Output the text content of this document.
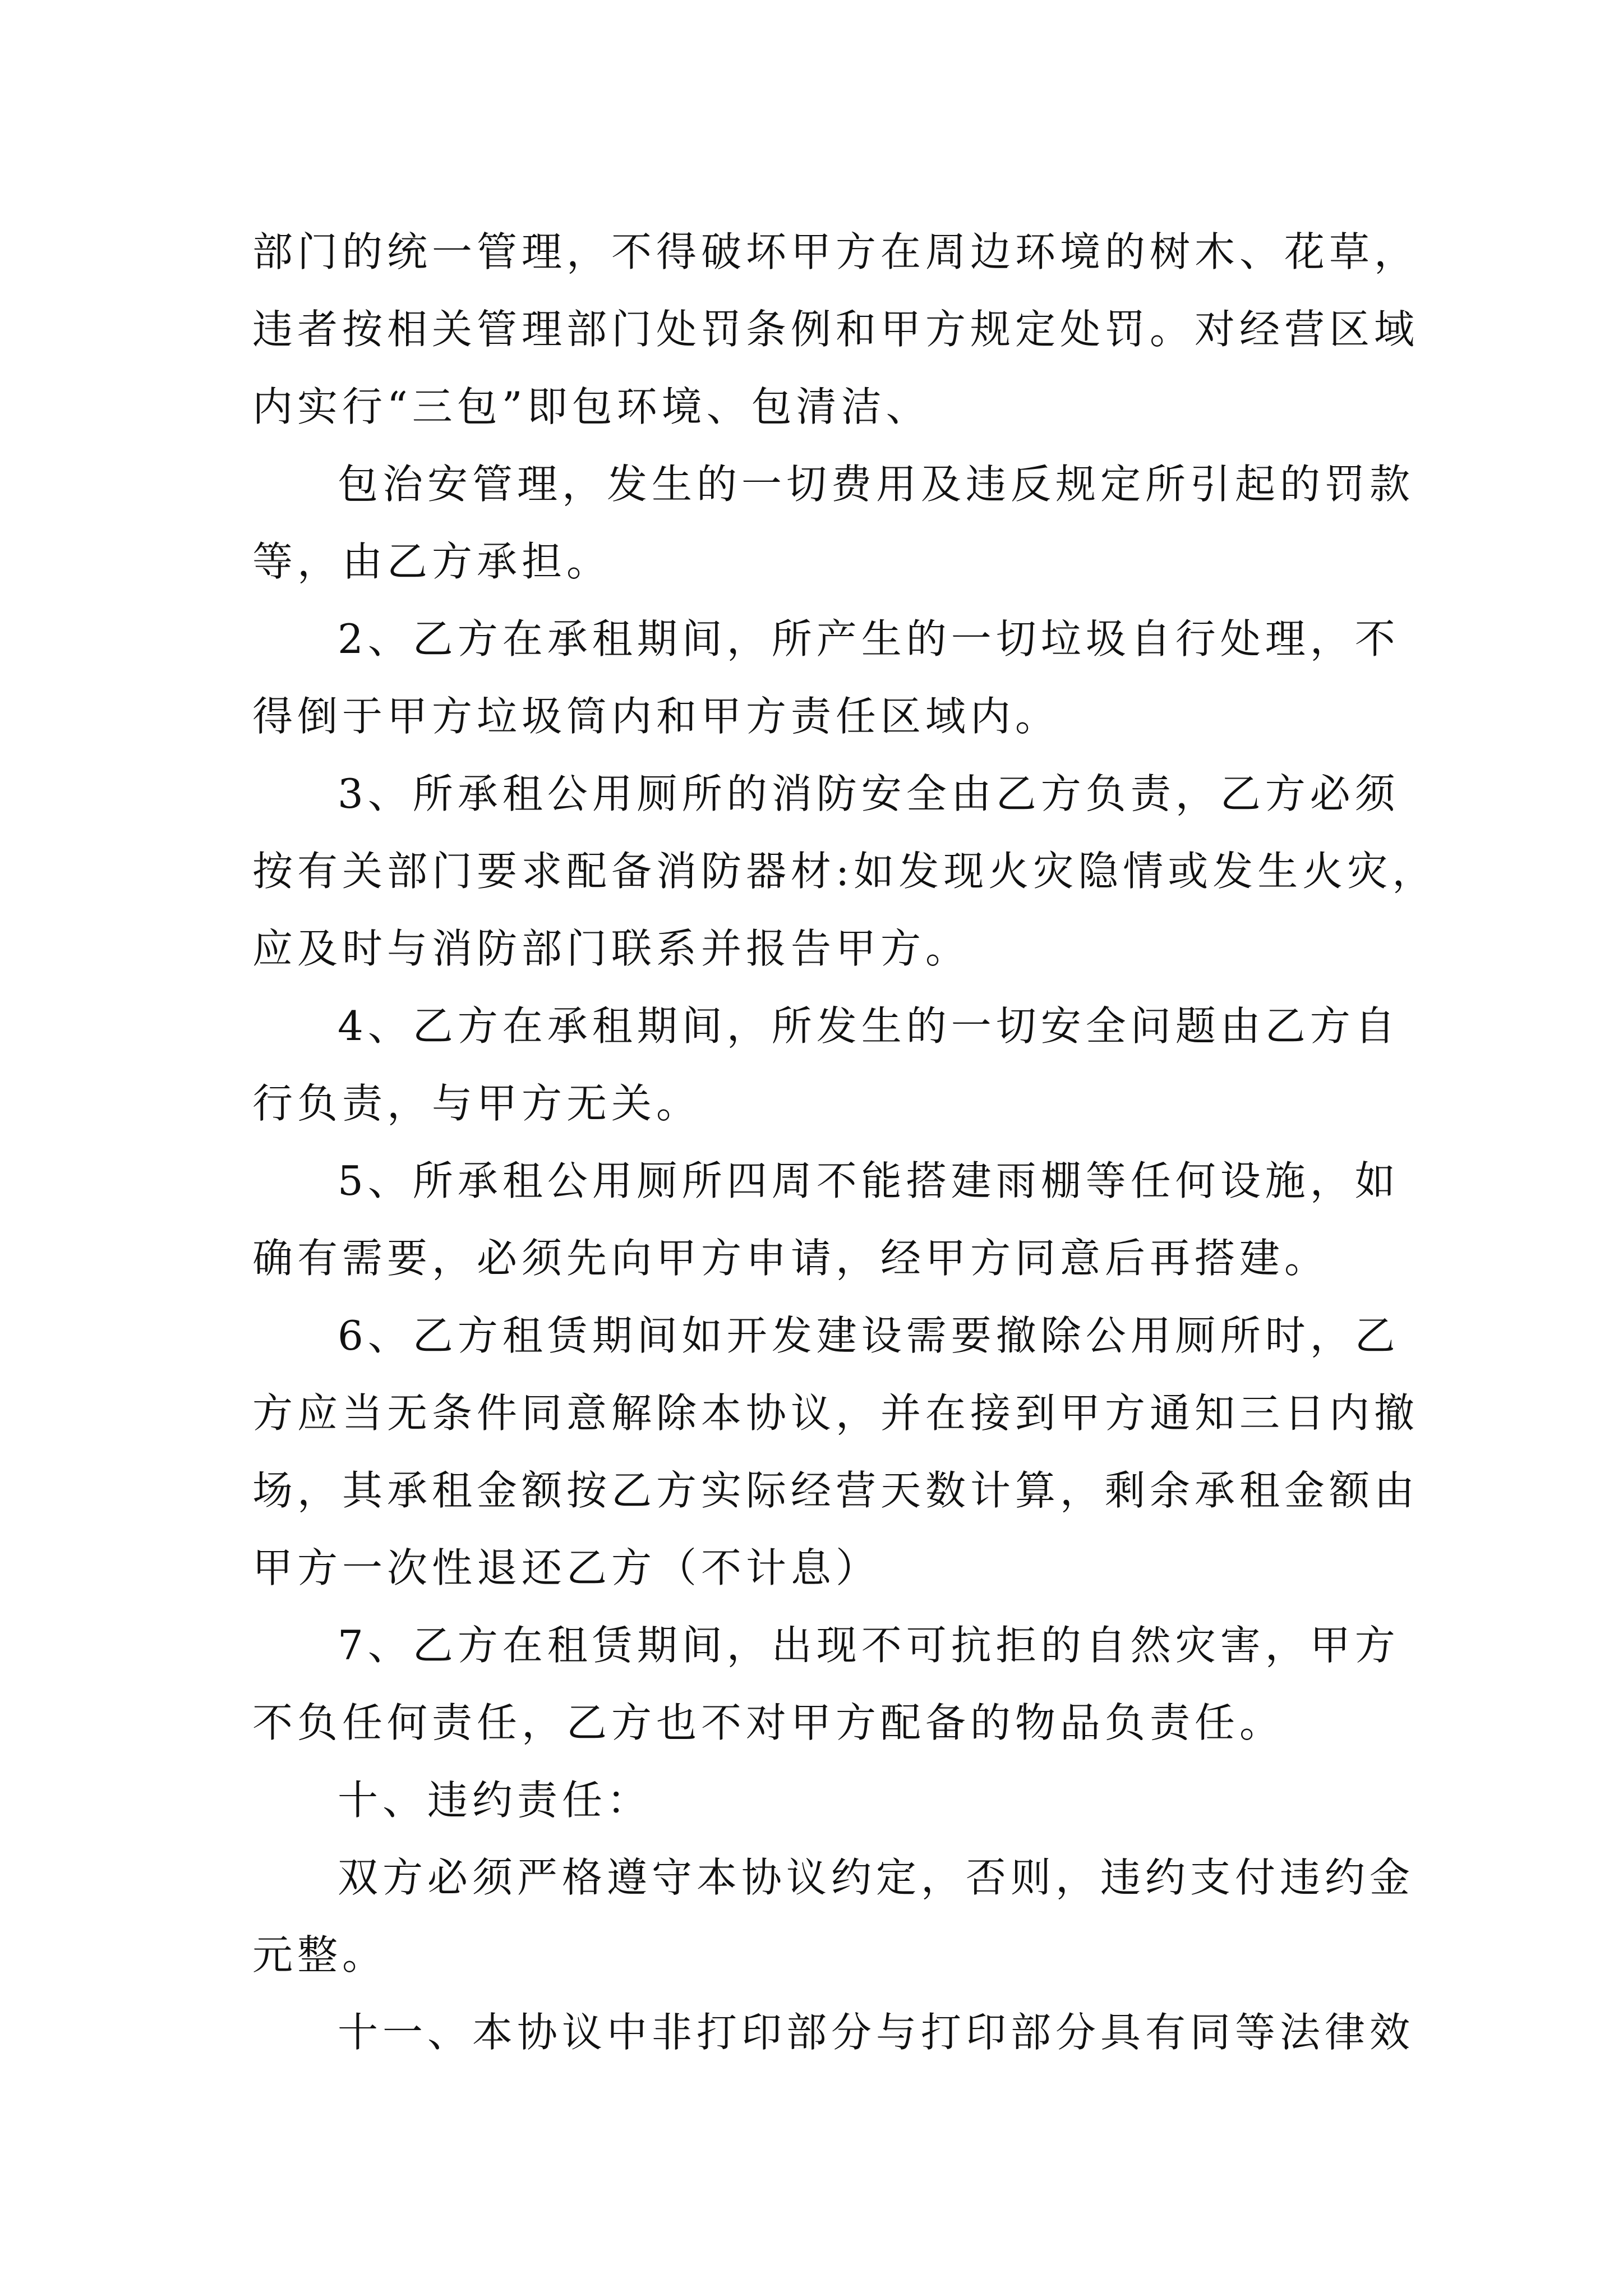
部门的统一管理，不得破坏甲方在周边环境的树木、花草，
违者按相关管理部门处罚条例和甲方规定处罚。对经营区域
内实行“三包”即包环境、包清洁、

包治安管理，发生的一切费用及违反规定所引起的罚款
等，由乙方承担。

2、乙方在承租期间，所产生的一切垃圾自行处理，不
得倒于甲方垃圾筒内和甲方责任区域内。

3、所承租公用厕所的消防安全由乙方负责，乙方必须
按有关部门要求配备消防器材:如发现火灾隐情或发生火灾，
应及时与消防部门联系并报告甲方。

4、乙方在承租期间，所发生的一切安全问题由乙方自
行负责，与甲方无关。

5、所承租公用厕所四周不能搭建雨棚等任何设施，如
确有需要，必须先向甲方申请，经甲方同意后再搭建。

6、乙方租赁期间如开发建设需要撤除公用厕所时，乙
方应当无条件同意解除本协议，并在接到甲方通知三日内撤
场，其承租金额按乙方实际经营天数计算，剩余承租金额由
甲方一次性退还乙方（不计息）

7、乙方在租赁期间，出现不可抗拒的自然灾害，甲方
不负任何责任，乙方也不对甲方配备的物品负责任。

十、违约责任：

双方必须严格遵守本协议约定，否则，违约支付违约金
元整。

十一、本协议中非打印部分与打印部分具有同等法律效
